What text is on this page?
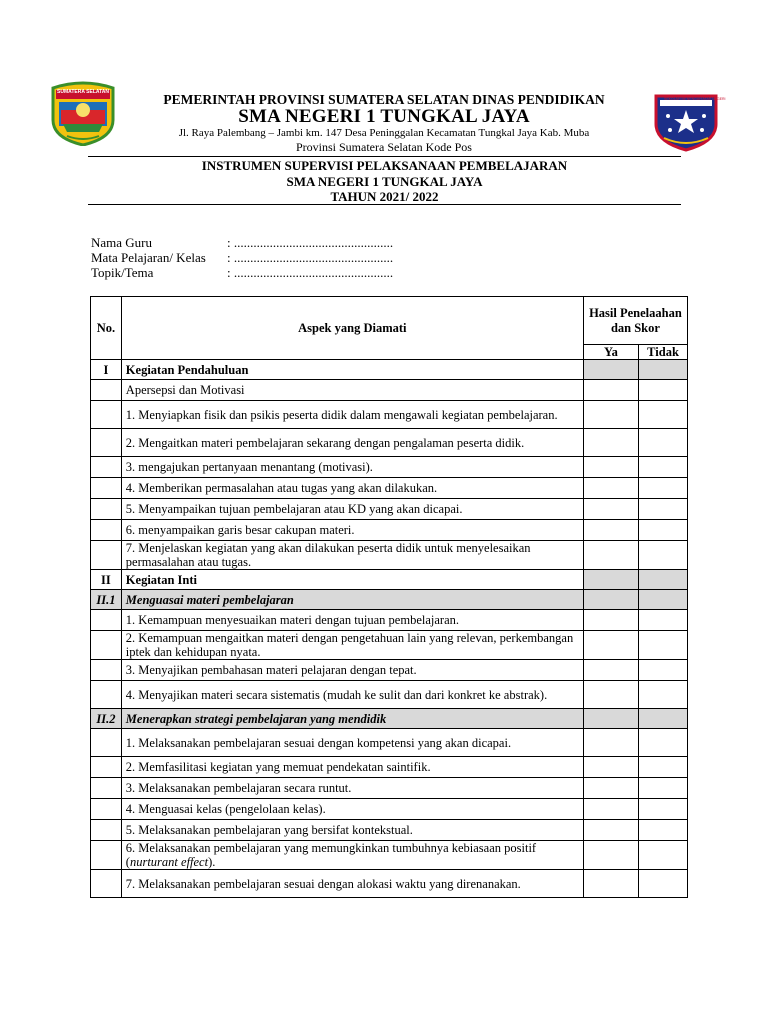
SUMATERA SELATAN
SEKOLAH MENENGAH ATAS NEGERI
PEMERINTAH PROVINSI SUMATERA SELATAN DINAS PENDIDIKAN
SMA NEGERI 1 TUNGKAL JAYA
Jl. Raya Palembang – Jambi km. 147 Desa Peninggalan Kecamatan Tungkal Jaya Kab. Muba
Provinsi Sumatera Selatan Kode Pos
INSTRUMEN SUPERVISI PELAKSANAAN PEMBELAJARAN
SMA NEGERI 1 TUNGKAL JAYA
TAHUN 2021/ 2022
Nama Guru	: .................................................
Mata Pelajaran/ Kelas : .................................................
Topik/Tema	: .................................................
No.	Aspek yang Diamati	Hasil Penelaahan dan Skor	
		Ya	Tidak
I	Kegiatan Pendahuluan		
	Apersepsi dan Motivasi		
	1. Menyiapkan fisik dan psikis peserta didik dalam mengawali kegiatan pembelajaran.		
	2. Mengaitkan materi pembelajaran sekarang dengan pengalaman peserta didik.		
	3. mengajukan pertanyaan menantang (motivasi).		
	4. Memberikan permasalahan atau tugas yang akan dilakukan.		
	5. Menyampaikan tujuan pembelajaran atau KD yang akan dicapai.		
	6. menyampaikan garis besar cakupan materi.		
	7. Menjelaskan kegiatan yang akan dilakukan peserta didik untuk menyelesaikan permasalahan atau tugas.		
II	Kegiatan Inti		
II.1	Menguasai materi pembelajaran		
	1. Kemampuan menyesuaikan materi dengan tujuan pembelajaran.		
	2. Kemampuan mengaitkan materi dengan pengetahuan lain yang relevan, perkembangan iptek dan kehidupan nyata.		
	3. Menyajikan pembahasan materi pelajaran dengan tepat.		
	4. Menyajikan materi secara sistematis (mudah ke sulit dan dari konkret ke abstrak).		
II.2	Menerapkan strategi pembelajaran yang mendidik		
	1. Melaksanakan pembelajaran sesuai dengan kompetensi yang akan dicapai.		
	2. Memfasilitasi kegiatan yang memuat pendekatan saintifik.		
	3. Melaksanakan pembelajaran secara runtut.		
	4. Menguasai kelas (pengelolaan kelas).		
	5. Melaksanakan pembelajaran yang bersifat kontekstual.		
	6. Melaksanakan pembelajaran yang memungkinkan tumbuhnya kebiasaan positif (nurturant effect).		
	7. Melaksanakan pembelajaran sesuai dengan alokasi waktu yang direnanakan.		
